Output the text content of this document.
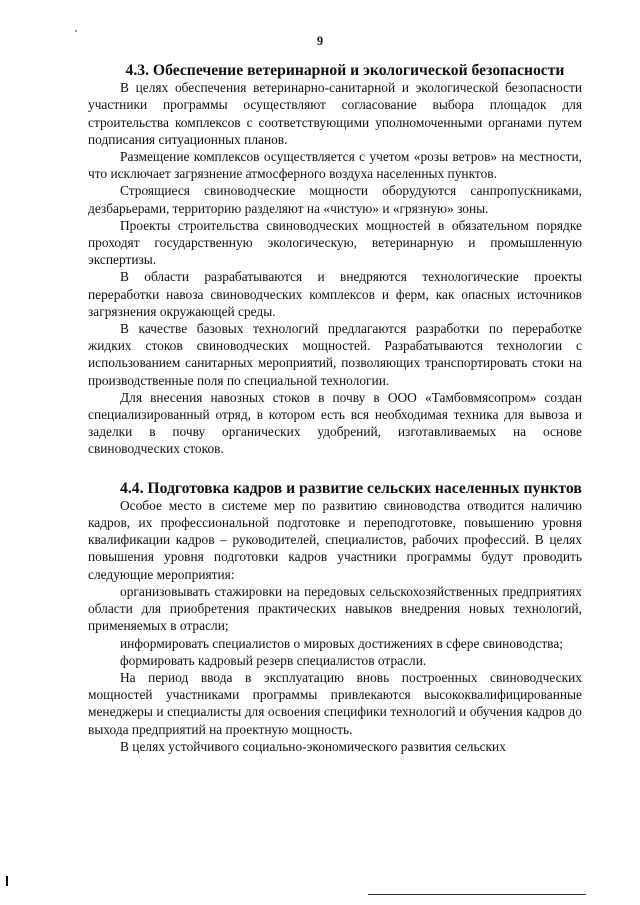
9
4.3. Обеспечение ветеринарной и экологической безопасности

В целях обеспечения ветеринарно-санитарной и экологической безопасности участники программы осуществляют согласование выбора площадок для строительства комплексов с соответствующими уполномоченными органами путем подписания ситуационных планов.

Размещение комплексов осуществляется с учетом «розы ветров» на местности, что исключает загрязнение атмосферного воздуха населенных пунктов.

Строящиеся свиноводческие мощности оборудуются санпропускниками, дезбарьерами, территорию разделяют на «чистую» и «грязную» зоны.

Проекты строительства свиноводческих мощностей в обязательном порядке проходят государственную экологическую, ветеринарную и промышленную экспертизы.

В области разрабатываются и внедряются технологические проекты переработки навоза свиноводческих комплексов и ферм, как опасных источников загрязнения окружающей среды.

В качестве базовых технологий предлагаются разработки по переработке жидких стоков свиноводческих мощностей. Разрабатываются технологии с использованием санитарных мероприятий, позволяющих транспортировать стоки на производственные поля по специальной технологии.

Для внесения навозных стоков в почву в ООО «Тамбовмясопром» создан специализированный отряд, в котором есть вся необходимая техника для вывоза и заделки в почву органических удобрений, изготавливаемых на основе свиноводческих стоков.

4.4. Подготовка кадров и развитие сельских населенных пунктов

Особое место в системе мер по развитию свиноводства отводится наличию кадров, их профессиональной подготовке и переподготовке, повышению уровня квалификации кадров – руководителей, специалистов, рабочих профессий. В целях повышения уровня подготовки кадров участники программы будут проводить следующие мероприятия:

организовывать стажировки на передовых сельскохозяйственных предприятиях области для приобретения практических навыков внедрения новых технологий, применяемых в отрасли;

информировать специалистов о мировых достижениях в сфере свиноводства;

формировать кадровый резерв специалистов отрасли.

На период ввода в эксплуатацию вновь построенных свиноводческих мощностей участниками программы привлекаются высококвалифицированные менеджеры и специалисты для освоения специфики технологий и обучения кадров до выхода предприятий на проектную мощность.

В целях устойчивого социально-экономического развития сельских
